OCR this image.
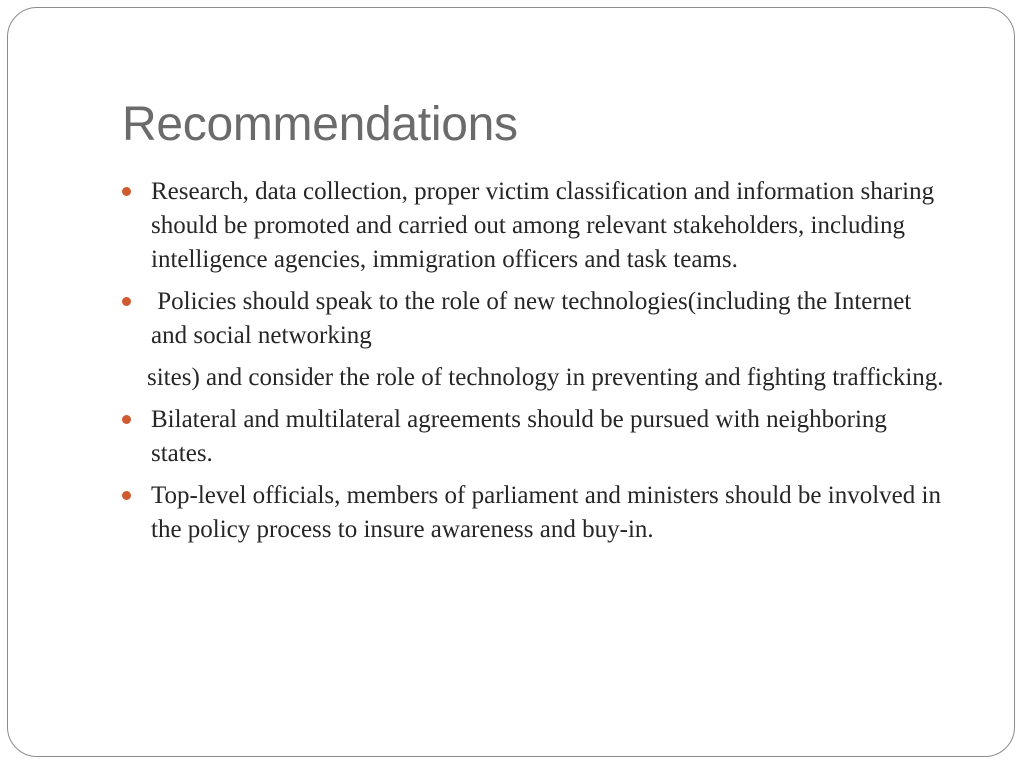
Recommendations
Research, data collection, proper victim classification and information sharing should be promoted and carried out among relevant stakeholders, including intelligence agencies, immigration officers and task teams.
Policies should speak to the role of new technologies(including the Internet and social networking
sites) and consider the role of technology in preventing and fighting trafficking.
Bilateral and multilateral agreements should be pursued with neighboring states.
Top-level officials, members of parliament and ministers should be involved in the policy process to insure awareness and buy-in.
